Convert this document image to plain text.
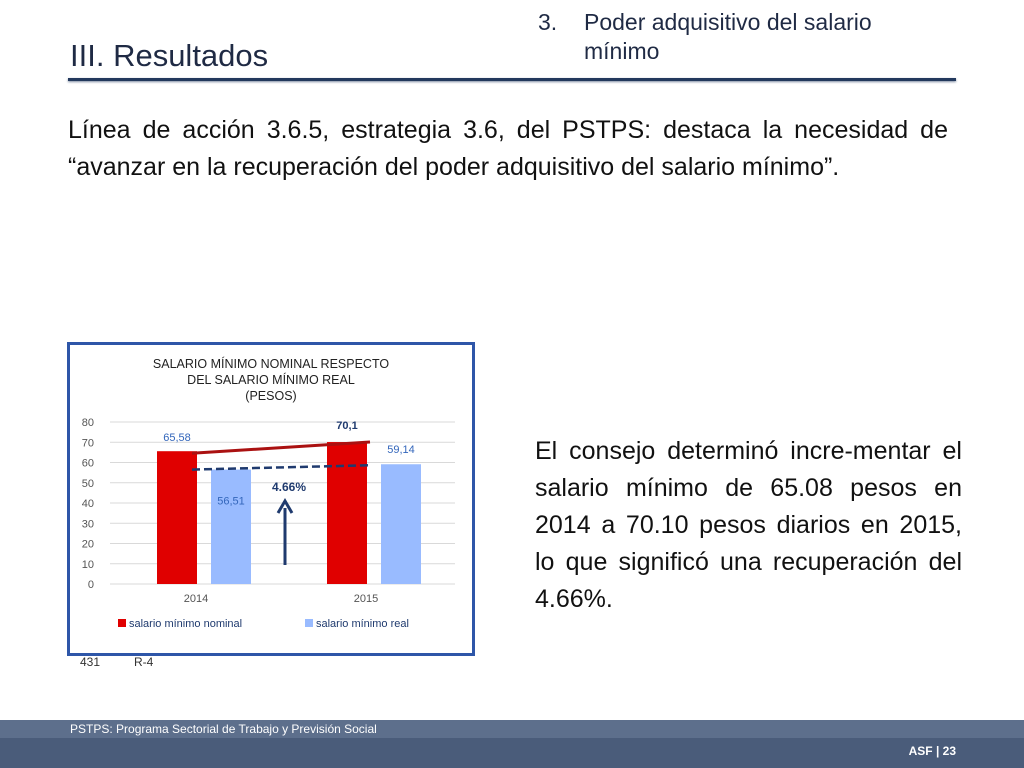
III. Resultados
3. Poder adquisitivo del salario mínimo
Línea de acción 3.6.5, estrategia 3.6, del PSTPS: destaca la necesidad de “avanzar en la recuperación del poder adquisitivo del salario mínimo”.
0
10
20
30
40
50
60
70
80
65,58
56,51
2014
70,1
59,14
2015
4.66%
salario mínimo nominal	salario mínimo real
SALARIO MÍNIMO NOMINAL RESPECTO
DEL SALARIO MÍNIMO REAL
(PESOS)
431	R-4
El consejo determinó incre-mentar el salario mínimo de 65.08 pesos en 2014 a 70.10 pesos diarios en 2015, lo que significó una recuperación del 4.66%.
PSTPS: Programa Sectorial de Trabajo y Previsión Social
ASF | 23
